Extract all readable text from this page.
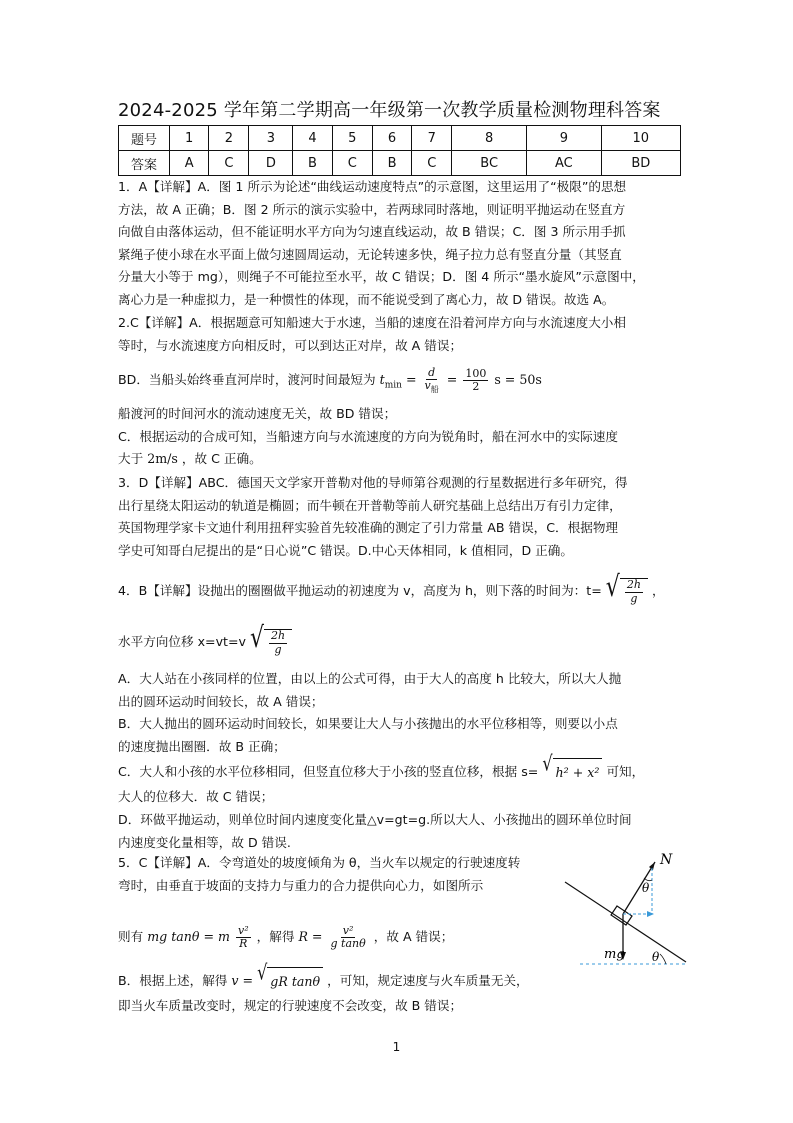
2024-2025 学年第二学期高一年级第一次教学质量检测物理科答案
题号	1	2	3	4	5	6	7	8	9	10
答案	A	C	D	B	C	B	C	BC	AC	BD

1．A【详解】A．图 1 所示为论述“曲线运动速度特点”的示意图，这里运用了“极限”的思想

方法，故 A 正确；B．图 2 所示的演示实验中，若两球同时落地，则证明平抛运动在竖直方

向做自由落体运动，但不能证明水平方向为匀速直线运动，故 B 错误；C．图 3 所示用手抓

紧绳子使小球在水平面上做匀速圆周运动，无论转速多快，绳子拉力总有竖直分量（其竖直

分量大小等于 mg），则绳子不可能拉至水平，故 C 错误；D．图 4 所示“墨水旋风”示意图中，

离心力是一种虚拟力，是一种惯性的体现，而不能说受到了离心力，故 D 错误。故选 A。

2.C【详解】A．根据题意可知船速大于水速，当船的速度在沿着河岸方向与水流速度大小相

等时，与水流速度方向相反时，可以到达正对岸，故 A 错误；

BD．当船头始终垂直河岸时，渡河时间最短为 $t_{min} = \frac{d}{v_船} = \frac{100}{2}$ s = 50s

船渡河的时间河水的流动速度无关，故 BD 错误；

C．根据运动的合成可知，当船速方向与水流速度的方向为锐角时，船在河水中的实际速度

大于 2m/s ，故 C 正确。

3．D【详解】ABC．德国天文学家开普勒对他的导师第谷观测的行星数据进行多年研究，得

出行星绕太阳运动的轨道是椭圆；而牛顿在开普勒等前人研究基础上总结出万有引力定律，

英国物理学家卡文迪什利用扭秤实验首先较准确的测定了引力常量 AB 错误，C．根据物理

学史可知哥白尼提出的是“日心说”C 错误。D.中心天体相同，k 值相同，D 正确。

4．B【详解】设抛出的圈圈做平抛运动的初速度为 v，高度为 h，则下落的时间为：t= √ $\frac{2h}{g}$ ，

水平方向位移 x=vt=v √ $\frac{2h}{g}$

A．大人站在小孩同样的位置，由以上的公式可得，由于大人的高度 h 比较大，所以大人抛

出的圆环运动时间较长，故 A 错误；

B．大人抛出的圆环运动时间较长，如果要让大人与小孩抛出的水平位移相等，则要以小点

的速度抛出圈圈．故 B 正确；

C．大人和小孩的水平位移相同，但竖直位移大于小孩的竖直位移，根据 s= √ h² + x² 可知，

大人的位移大．故 C 错误；

D．环做平抛运动，则单位时间内速度变化量△v=gt=g.所以大人、小孩抛出的圆环单位时间

内速度变化量相等，故 D 错误.

5．C【详解】A．令弯道处的坡度倾角为 θ，当火车以规定的行驶速度转

弯时，由垂直于坡面的支持力与重力的合力提供向心力，如图所示

则有 mg tanθ = m $\frac{\text{v²}}{R}$ ，解得 $R = \frac{\text{v²}}{\text{g tanθ}}$ ，故 A 错误；

B．根据上述，解得 v = √ gR tanθ ，可知，规定速度与火车质量无关，

即当火车质量改变时，规定的行驶速度不会改变，故 B 错误；

N
θ
mg θ
1
